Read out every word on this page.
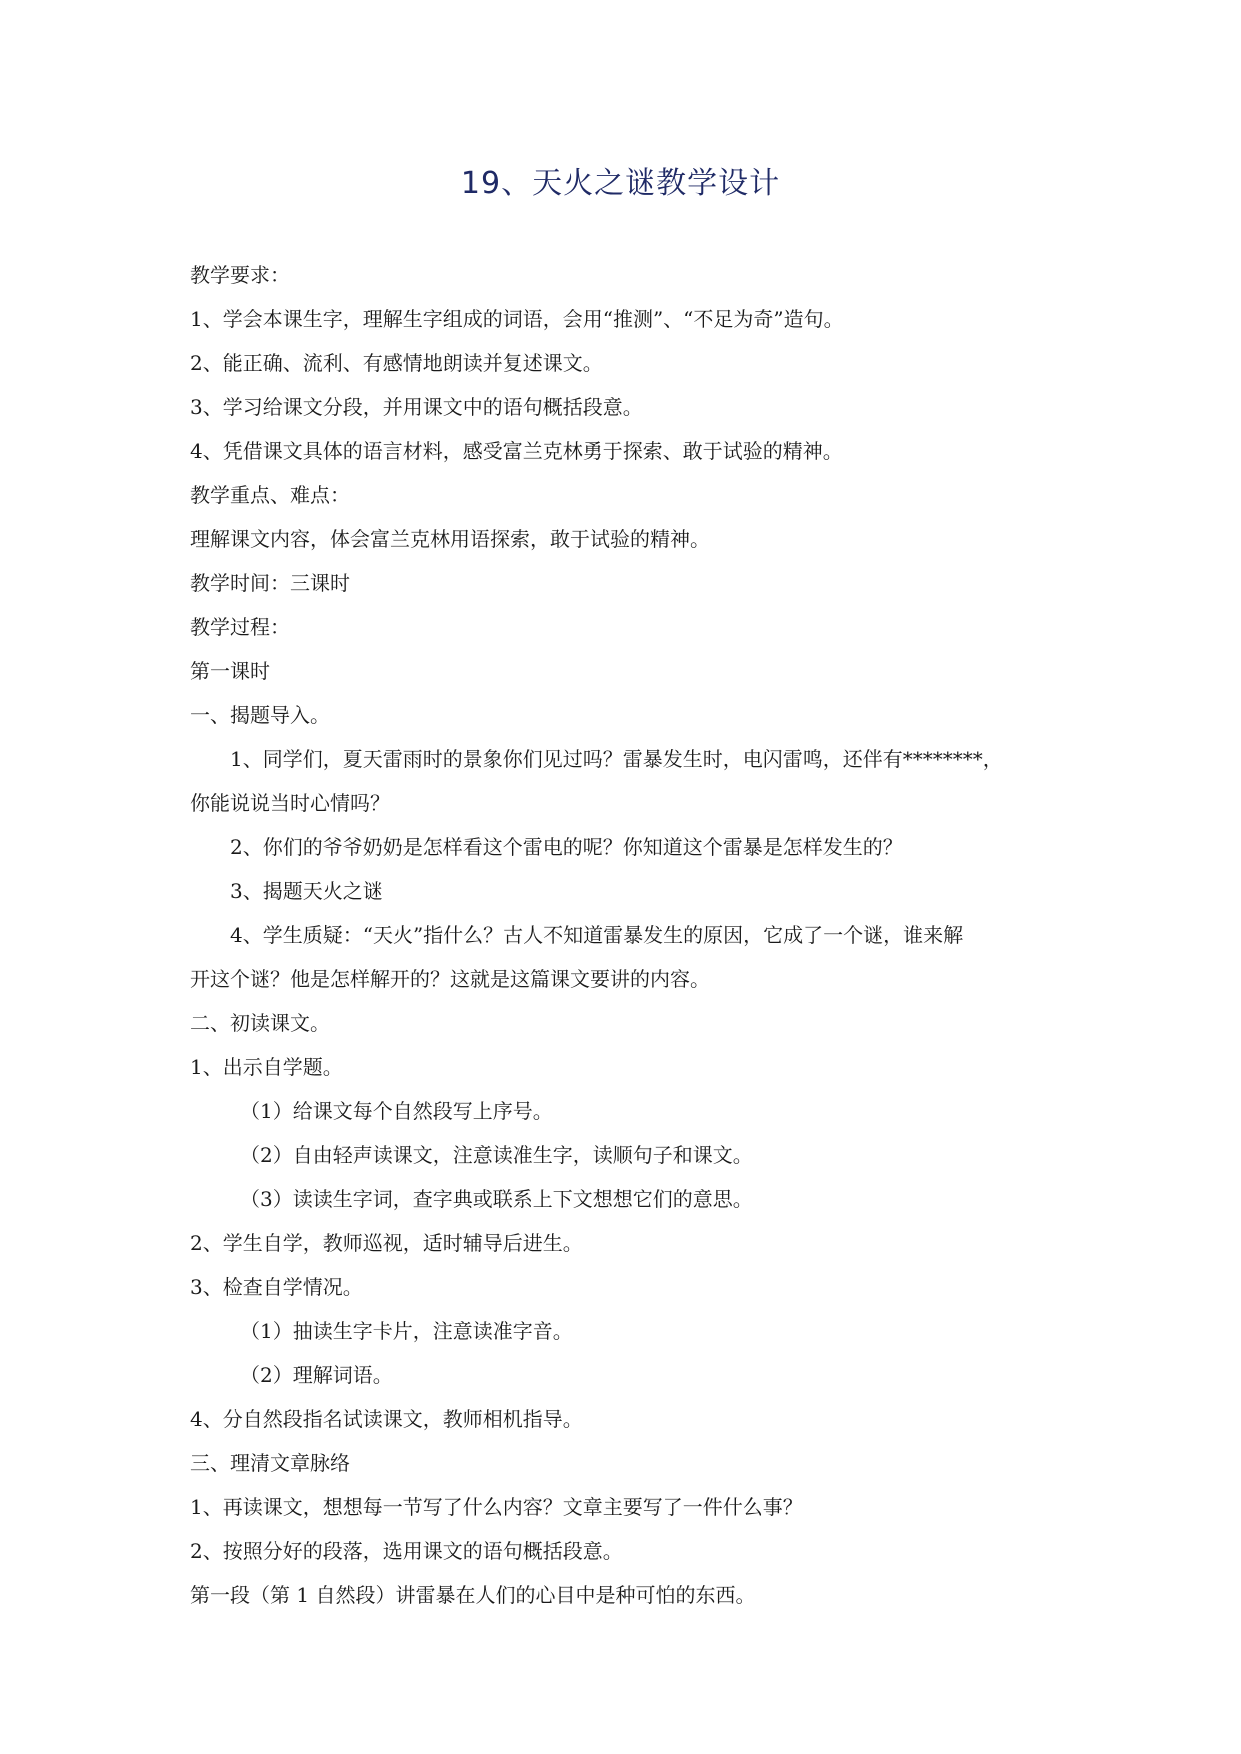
19、天火之谜教学设计
教学要求：
1、学会本课生字，理解生字组成的词语，会用“推测”、“不足为奇”造句。
2、能正确、流利、有感情地朗读并复述课文。
3、学习给课文分段，并用课文中的语句概括段意。
4、凭借课文具体的语言材料，感受富兰克林勇于探索、敢于试验的精神。
教学重点、难点：
理解课文内容，体会富兰克林用语探索，敢于试验的精神。
教学时间：三课时
教学过程：
第一课时
一、揭题导入。
1、同学们，夏天雷雨时的景象你们见过吗？雷暴发生时，电闪雷鸣，还伴有********，
你能说说当时心情吗？
2、你们的爷爷奶奶是怎样看这个雷电的呢？你知道这个雷暴是怎样发生的？
3、揭题天火之谜
4、学生质疑：“天火”指什么？古人不知道雷暴发生的原因，它成了一个谜，谁来解
开这个谜？他是怎样解开的？这就是这篇课文要讲的内容。
二、初读课文。
1、出示自学题。
（1）给课文每个自然段写上序号。
（2）自由轻声读课文，注意读准生字，读顺句子和课文。
（3）读读生字词，查字典或联系上下文想想它们的意思。
2、学生自学，教师巡视，适时辅导后进生。
3、检查自学情况。
（1）抽读生字卡片，注意读准字音。
（2）理解词语。
4、分自然段指名试读课文，教师相机指导。
三、理清文章脉络
1、再读课文，想想每一节写了什么内容？文章主要写了一件什么事？
2、按照分好的段落，选用课文的语句概括段意。
第一段（第 1 自然段）讲雷暴在人们的心目中是种可怕的东西。
